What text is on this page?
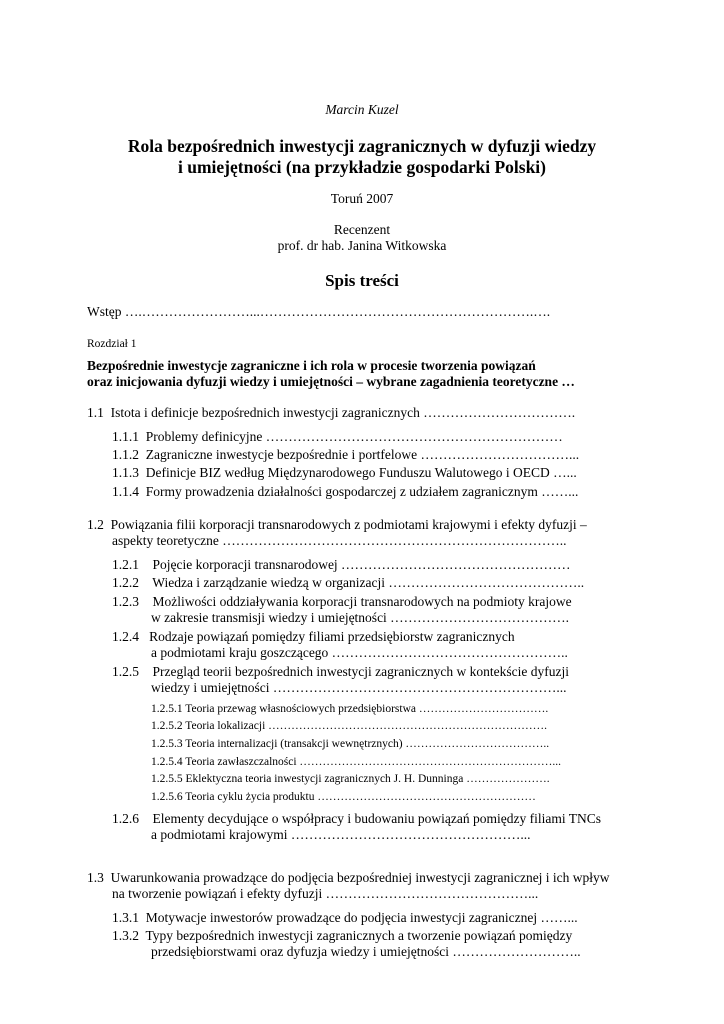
Marcin Kuzel
Rola bezpośrednich inwestycji zagranicznych w dyfuzji wiedzy
i umiejętności (na przykładzie gospodarki Polski)
Toruń 2007
Recenzent
prof. dr hab. Janina Witkowska
Spis treści
Wstęp ….……………………...…………………………………………………….….
Rozdział 1
Bezpośrednie inwestycje zagraniczne i ich rola w procesie tworzenia powiązań
oraz inicjowania dyfuzji wiedzy i umiejętności – wybrane zagadnienia teoretyczne …
1.1  Istota i definicje bezpośrednich inwestycji zagranicznych …………………………….
1.1.1  Problemy definicyjne …………………………………………………………
1.1.2  Zagraniczne inwestycje bezpośrednie i portfelowe ……………………………...
1.1.3  Definicje BIZ według Międzynarodowego Funduszu Walutowego i OECD …...
1.1.4  Formy prowadzenia działalności gospodarczej z udziałem zagranicznym ……...
1.2  Powiązania filii korporacji transnarodowych z podmiotami krajowymi i efekty dyfuzji –
aspekty teoretyczne …………………………………………………………………..
1.2.1    Pojęcie korporacji transnarodowej ……………………………………………
1.2.2    Wiedza i zarządzanie wiedzą w organizacji ……………………………………..
1.2.3    Możliwości oddziaływania korporacji transnarodowych na podmioty krajowe
w zakresie transmisji wiedzy i umiejętności ………………………………….
1.2.4   Rodzaje powiązań pomiędzy filiami przedsiębiorstw zagranicznych
a podmiotami kraju goszczącego ……………………………………………..
1.2.5    Przegląd teorii bezpośrednich inwestycji zagranicznych w kontekście dyfuzji
wiedzy i umiejętności ………………………………………………………...
1.2.5.1 Teoria przewag własnościowych przedsiębiorstwa …………………………….
1.2.5.2 Teoria lokalizacji ……………………………………………………………….
1.2.5.3 Teoria internalizacji (transakcji wewnętrznych) ………………………………..
1.2.5.4 Teoria zawłaszczalności …………………………………………………………...
1.2.5.5 Eklektyczna teoria inwestycji zagranicznych J. H. Dunninga ………………….
1.2.5.6 Teoria cyklu życia produktu …………………………………………………
1.2.6    Elementy decydujące o współpracy i budowaniu powiązań pomiędzy filiami TNCs
a podmiotami krajowymi ……………………………………………...
1.3  Uwarunkowania prowadzące do podjęcia bezpośredniej inwestycji zagranicznej i ich wpływ
na tworzenie powiązań i efekty dyfuzji ………………………………………...
1.3.1  Motywacje inwestorów prowadzące do podjęcia inwestycji zagranicznej ……...
1.3.2  Typy bezpośrednich inwestycji zagranicznych a tworzenie powiązań pomiędzy
przedsiębiorstwami oraz dyfuzja wiedzy i umiejętności ………………………..
